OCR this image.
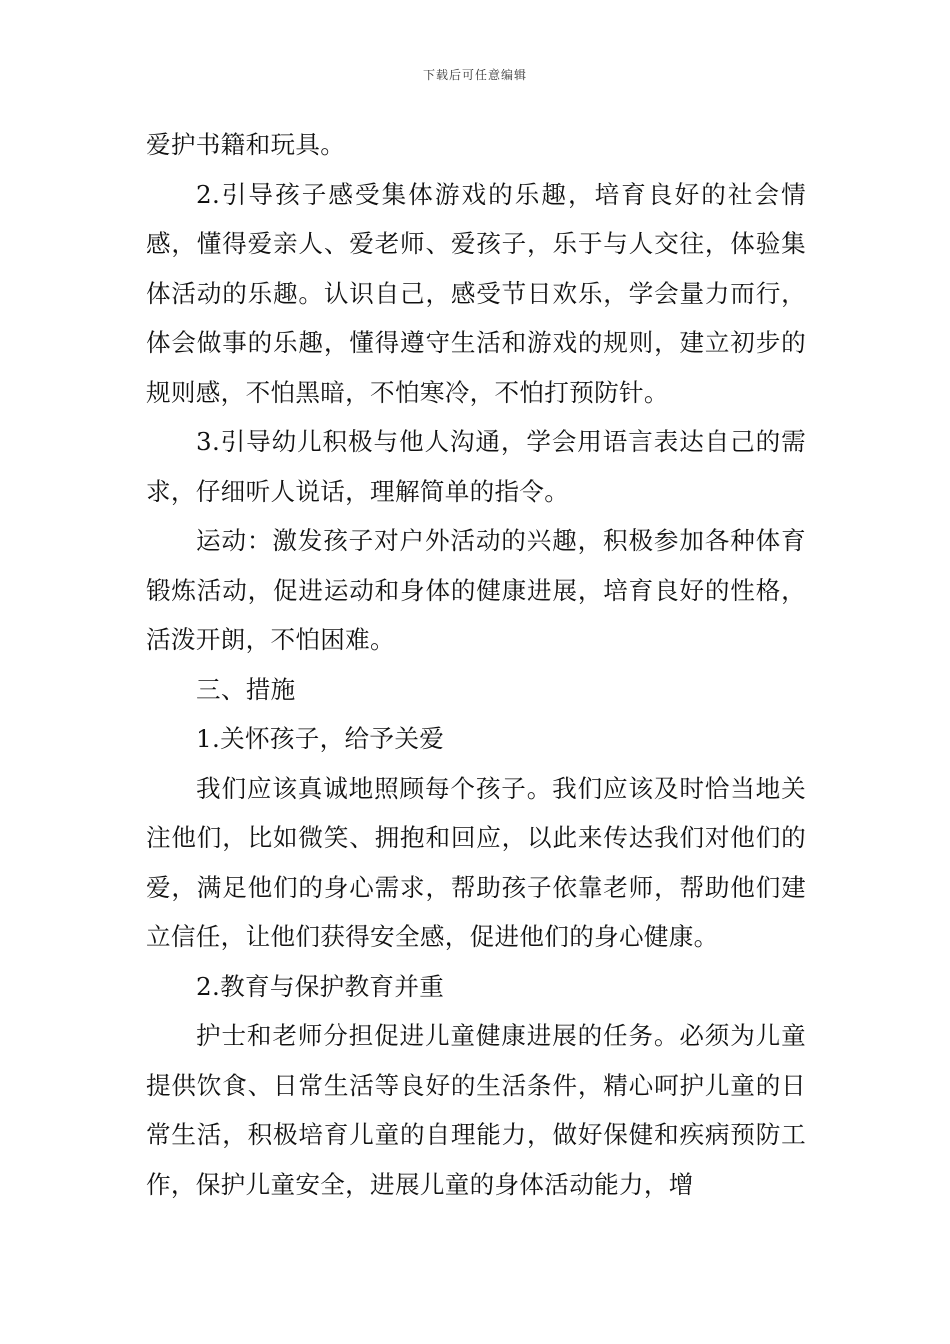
下载后可任意编辑

爱护书籍和玩具。

2.引导孩子感受集体游戏的乐趣，培育良好的社会情感，懂得爱亲人、爱老师、爱孩子，乐于与人交往，体验集体活动的乐趣。认识自己，感受节日欢乐，学会量力而行，体会做事的乐趣，懂得遵守生活和游戏的规则，建立初步的规则感，不怕黑暗，不怕寒冷，不怕打预防针。

3.引导幼儿积极与他人沟通，学会用语言表达自己的需求，仔细听人说话，理解简单的指令。

运动：激发孩子对户外活动的兴趣，积极参加各种体育锻炼活动，促进运动和身体的健康进展，培育良好的性格，活泼开朗，不怕困难。

三、措施

1.关怀孩子，给予关爱

我们应该真诚地照顾每个孩子。我们应该及时恰当地关注他们，比如微笑、拥抱和回应，以此来传达我们对他们的爱，满足他们的身心需求，帮助孩子依靠老师，帮助他们建立信任，让他们获得安全感，促进他们的身心健康。

2.教育与保护教育并重

护士和老师分担促进儿童健康进展的任务。必须为儿童提供饮食、日常生活等良好的生活条件，精心呵护儿童的日常生活，积极培育儿童的自理能力，做好保健和疾病预防工作，保护儿童安全，进展儿童的身体活动能力，增
